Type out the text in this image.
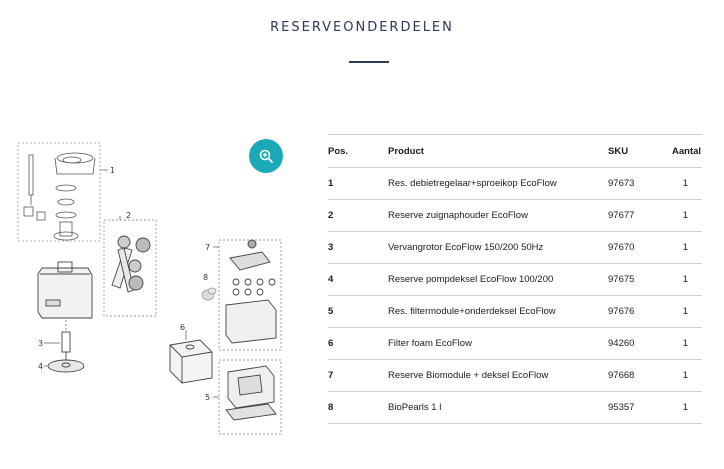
RESERVEONDERDELEN
1
3
4
2
7
8
6
5
Pos.	Product	SKU	Aantal
1	Res. debietregelaar+sproeikop EcoFlow	97673	1
2	Reserve zuignaphouder EcoFlow	97677	1
3	Vervangrotor EcoFlow 150/200 50Hz	97670	1
4	Reserve pompdeksel EcoFlow 100/200	97675	1
5	Res. filtermodule+onderdeksel EcoFlow	97676	1
6	Filter foam EcoFlow	94260	1
7	Reserve Biomodule + deksel EcoFlow	97668	1
8	BioPearls 1 l	95357	1
